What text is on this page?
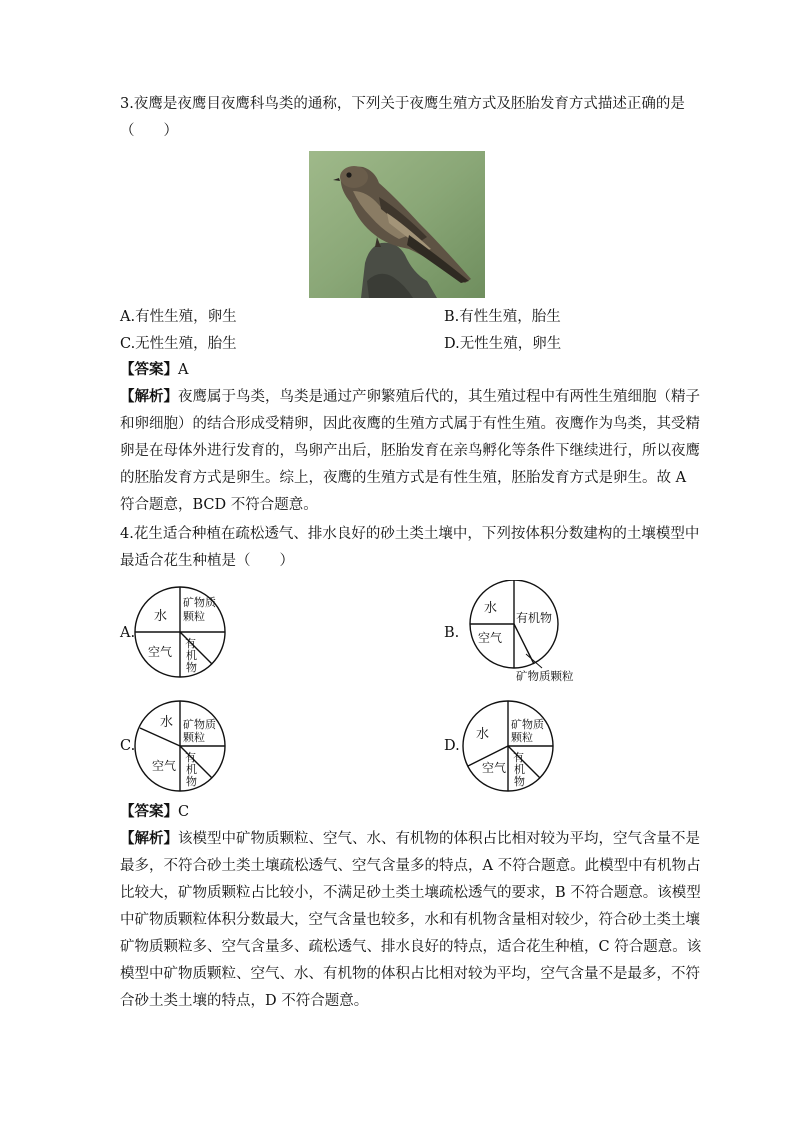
3.夜鹰是夜鹰目夜鹰科鸟类的通称，下列关于夜鹰生殖方式及胚胎发育方式描述正确的是
（　　）
A.有性生殖，卵生	B.有性生殖，胎生
C.无性生殖，胎生	D.无性生殖，卵生
【答案】A
【解析】夜鹰属于鸟类，鸟类是通过产卵繁殖后代的，其生殖过程中有两性生殖细胞（精子
和卵细胞）的结合形成受精卵，因此夜鹰的生殖方式属于有性生殖。夜鹰作为鸟类，其受精
卵是在母体外进行发育的，鸟卵产出后，胚胎发育在亲鸟孵化等条件下继续进行，所以夜鹰
的胚胎发育方式是卵生。综上，夜鹰的生殖方式是有性生殖，胚胎发育方式是卵生。故 A
符合题意，BCD 不符合题意。
4.花生适合种植在疏松透气、排水良好的砂土类土壤中，下列按体积分数建构的土壤模型中
最适合花生种植是（　　）
A.
水
矿物质
颗粒
空气
有
机
物
B.
水
有机物
空气
矿物质颗粒
C.
水 矿物质
颗粒
空气
有
机
物
D.
水
矿物质
颗粒
空气
有
机
物
【答案】C
【解析】该模型中矿物质颗粒、空气、水、有机物的体积占比相对较为平均，空气含量不是
最多，不符合砂土类土壤疏松透气、空气含量多的特点，A 不符合题意。此模型中有机物占
比较大，矿物质颗粒占比较小，不满足砂土类土壤疏松透气的要求，B 不符合题意。该模型
中矿物质颗粒体积分数最大，空气含量也较多，水和有机物含量相对较少，符合砂土类土壤
矿物质颗粒多、空气含量多、疏松透气、排水良好的特点，适合花生种植，C 符合题意。该
模型中矿物质颗粒、空气、水、有机物的体积占比相对较为平均，空气含量不是最多，不符
合砂土类土壤的特点，D 不符合题意。
